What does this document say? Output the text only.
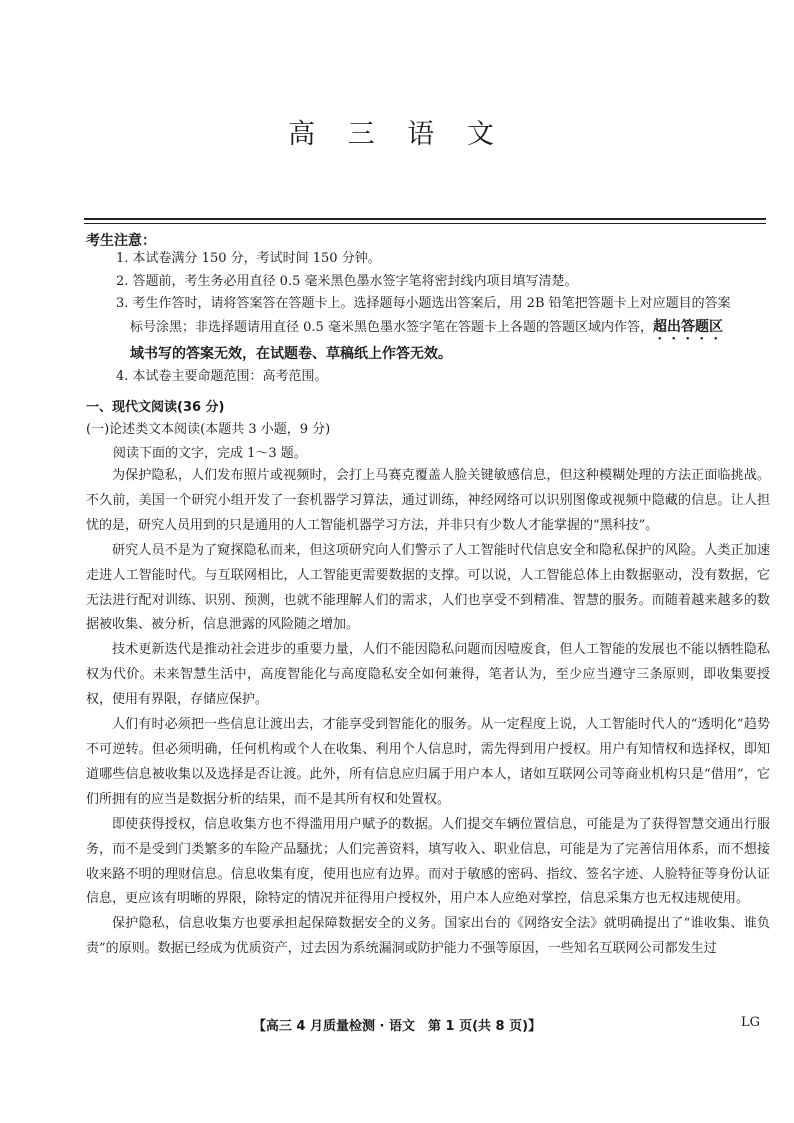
高 三 语 文
考生注意：
1. 本试卷满分 150 分，考试时间 150 分钟。
2. 答题前，考生务必用直径 0.5 毫米黑色墨水签字笔将密封线内项目填写清楚。
3. 考生作答时，请将答案答在答题卡上。选择题每小题选出答案后，用 2B 铅笔把答题卡上对应题目的答案
标号涂黑；非选择题请用直径 0.5 毫米黑色墨水签字笔在答题卡上各题的答题区域内作答，超出答题区
域书写的答案无效，在试题卷、草稿纸上作答无效。
4. 本试卷主要命题范围：高考范围。
一、现代文阅读(36 分)
(一)论述类文本阅读(本题共 3 小题，9 分)
阅读下面的文字，完成 1～3 题。

为保护隐私，人们发布照片或视频时，会打上马赛克覆盖人脸关键敏感信息，但这种模糊处理的方法正面临挑战。不久前，美国一个研究小组开发了一套机器学习算法，通过训练，神经网络可以识别图像或视频中隐藏的信息。让人担忧的是，研究人员用到的只是通用的人工智能机器学习方法，并非只有少数人才能掌握的“黑科技”。

研究人员不是为了窥探隐私而来，但这项研究向人们警示了人工智能时代信息安全和隐私保护的风险。人类正加速走进人工智能时代。与互联网相比，人工智能更需要数据的支撑。可以说，人工智能总体上由数据驱动，没有数据，它无法进行配对训练、识别、预测，也就不能理解人们的需求，人们也享受不到精准、智慧的服务。而随着越来越多的数据被收集、被分析，信息泄露的风险随之增加。

技术更新迭代是推动社会进步的重要力量，人们不能因隐私问题而因噎废食，但人工智能的发展也不能以牺牲隐私权为代价。未来智慧生活中，高度智能化与高度隐私安全如何兼得，笔者认为，至少应当遵守三条原则，即收集要授权，使用有界限，存储应保护。

人们有时必须把一些信息让渡出去，才能享受到智能化的服务。从一定程度上说，人工智能时代人的“透明化”趋势不可逆转。但必须明确，任何机构或个人在收集、利用个人信息时，需先得到用户授权。用户有知情权和选择权，即知道哪些信息被收集以及选择是否让渡。此外，所有信息应归属于用户本人，诸如互联网公司等商业机构只是“借用”，它们所拥有的应当是数据分析的结果，而不是其所有权和处置权。

即使获得授权，信息收集方也不得滥用用户赋予的数据。人们提交车辆位置信息，可能是为了获得智慧交通出行服务，而不是受到门类繁多的车险产品騷扰；人们完善资料，填写收入、职业信息，可能是为了完善信用体系，而不想接收来路不明的理财信息。信息收集有度，使用也应有边界。而对于敏感的密码、指纹、签名字迹、人脸特征等身份认证信息，更应该有明晰的界限，除特定的情况并征得用户授权外，用户本人应绝对掌控，信息采集方也无权违规使用。

保护隐私，信息收集方也要承担起保障数据安全的义务。国家出台的《网络安全法》就明确提出了“谁收集、谁负责”的原则。数据已经成为优质资产，过去因为系统漏洞或防护能力不强等原因，一些知名互联网公司都发生过

【高三 4 月质量检测 · 语文　第 1 页(共 8 页)】	LG
